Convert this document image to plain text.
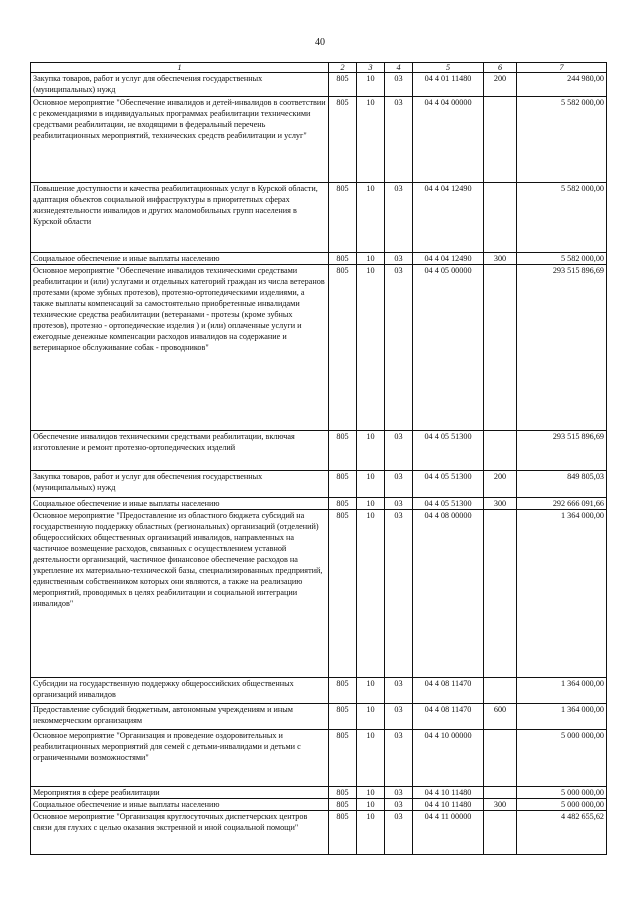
40
1	2	3	4	5	6	7
Закупка товаров, работ и услуг для обеспечения государственных (муниципальных) нужд	805	10	03	04 4 01 11480	200	244 980,00
Основное мероприятие "Обеспечение инвалидов и детей-инвалидов в соответствии с рекомендациями в индивидуальных программах реабилитации техническими средствами реабилитации, не входящими в федеральный перечень реабилитационных мероприятий, технических средств реабилитации и услуг"	805	10	03	04 4 04 00000		5 582 000,00
Повышение доступности и качества реабилитационных услуг в Курской области, адаптация объектов социальной инфраструктуры в приоритетных сферах жизнедеятельности инвалидов и других маломобильных групп населения в Курской области	805	10	03	04 4 04 12490		5 582 000,00
Социальное обеспечение и иные выплаты населению	805	10	03	04 4 04 12490	300	5 582 000,00
Основное мероприятие "Обеспечение инвалидов техническими средствами реабилитации и (или) услугами и отдельных категорий граждан из числа ветеранов протезами (кроме зубных протезов), протезно-ортопедическими изделиями, а также выплаты компенсаций за самостоятельно приобретенные инвалидами технические средства реабилитации (ветеранами - протезы (кроме зубных протезов), протезно - ортопедические изделия ) и (или) оплаченные услуги и ежегодные денежные компенсации расходов инвалидов на содержание и ветеринарное обслуживание собак - проводников"	805	10	03	04 4 05 00000		293 515 896,69
Обеспечение инвалидов техническими средствами реабилитации, включая изготовление и ремонт протезно-ортопедических изделий	805	10	03	04 4 05 51300		293 515 896,69
Закупка товаров, работ и услуг для обеспечения государственных (муниципальных) нужд	805	10	03	04 4 05 51300	200	849 805,03
Социальное обеспечение и иные выплаты населению	805	10	03	04 4 05 51300	300	292 666 091,66
Основное мероприятие "Предоставление из областного бюджета субсидий на государственную поддержку областных (региональных) организаций (отделений) общероссийских общественных организаций инвалидов, направленных на частичное возмещение расходов, связанных с осуществлением уставной деятельности организаций, частичное финансовое обеспечение расходов на укрепление их материально-технической базы, специализированных предприятий, единственным собственником которых они являются, а также на реализацию мероприятий, проводимых в целях реабилитации и социальной интеграции инвалидов"	805	10	03	04 4 08 00000		1 364 000,00
Субсидии на государственную поддержку общероссийских общественных организаций инвалидов	805	10	03	04 4 08 11470		1 364 000,00
Предоставление субсидий бюджетным, автономным учреждениям и иным некоммерческим организациям	805	10	03	04 4 08 11470	600	1 364 000,00
Основное мероприятие "Организация и проведение оздоровительных и реабилитационных мероприятий для семей с детьми-инвалидами и детьми с ограниченными возможностями"	805	10	03	04 4 10 00000		5 000 000,00
Мероприятия в сфере реабилитации	805	10	03	04 4 10 11480		5 000 000,00
Социальное обеспечение и иные выплаты населению	805	10	03	04 4 10 11480	300	5 000 000,00
Основное мероприятие "Организация круглосуточных диспетчерских центров связи для глухих с целью оказания экстренной и иной социальной помощи"	805	10	03	04 4 11 00000		4 482 655,62
